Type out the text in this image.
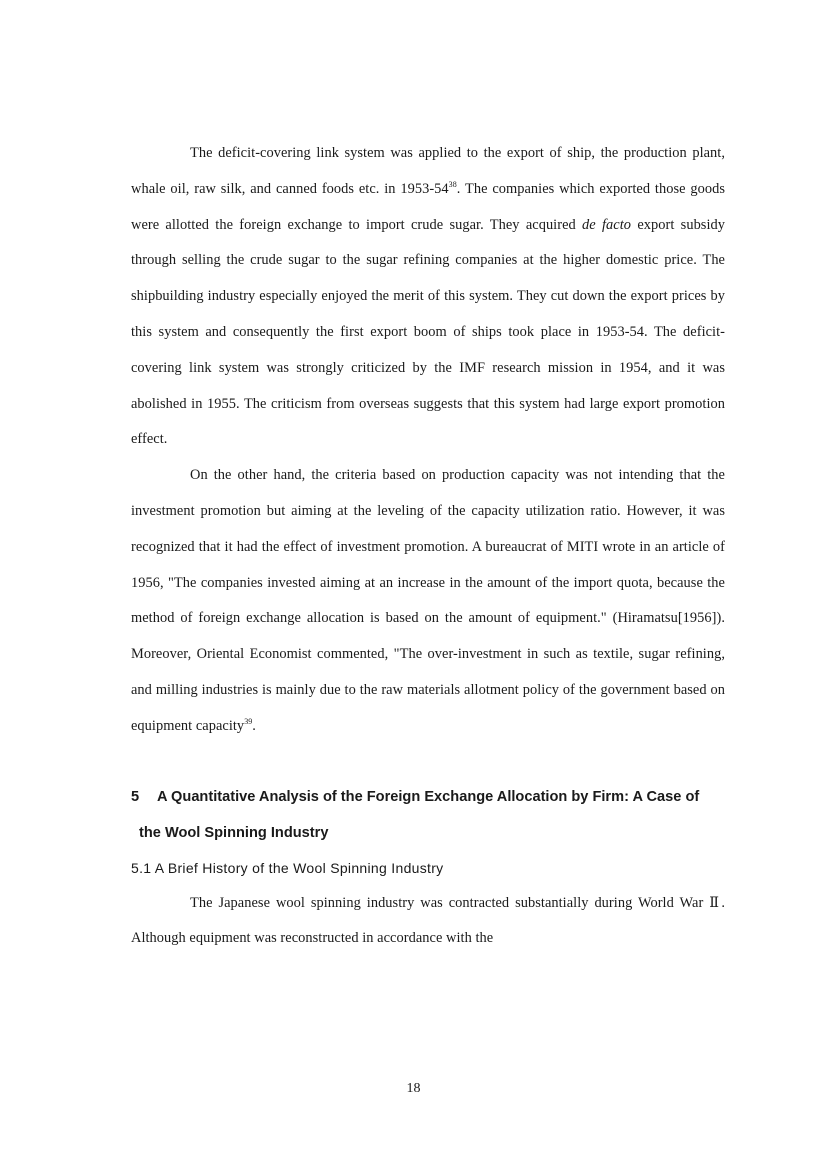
The deficit-covering link system was applied to the export of ship, the production plant, whale oil, raw silk, and canned foods etc. in $1953-54^{38}$. The companies which exported those goods were allotted the foreign exchange to import crude sugar. They acquired de facto export subsidy through selling the crude sugar to the sugar refining companies at the higher domestic price. The shipbuilding industry especially enjoyed the merit of this system. They cut down the export prices by this system and consequently the first export boom of ships took place in 1953-54. The deficit-covering link system was strongly criticized by the IMF research mission in 1954, and it was abolished in 1955. The criticism from overseas suggests that this system had large export promotion effect.

On the other hand, the criteria based on production capacity was not intending that the investment promotion but aiming at the leveling of the capacity utilization ratio. However, it was recognized that it had the effect of investment promotion. A bureaucrat of MITI wrote in an article of 1956, "The companies invested aiming at an increase in the amount of the import quota, because the method of foreign exchange allocation is based on the amount of equipment." (Hiramatsu[1956]). Moreover, Oriental Economist commented, "The over-investment in such as textile, sugar refining, and milling industries is mainly due to the raw materials allotment policy of the government based on equipment capacity$^{39}$.

5 A Quantitative Analysis of the Foreign Exchange Allocation by Firm: A Case of

the Wool Spinning Industry

5.1 A Brief History of the Wool Spinning Industry

The Japanese wool spinning industry was contracted substantially during World War Ⅱ. Although equipment was reconstructed in accordance with the

18
